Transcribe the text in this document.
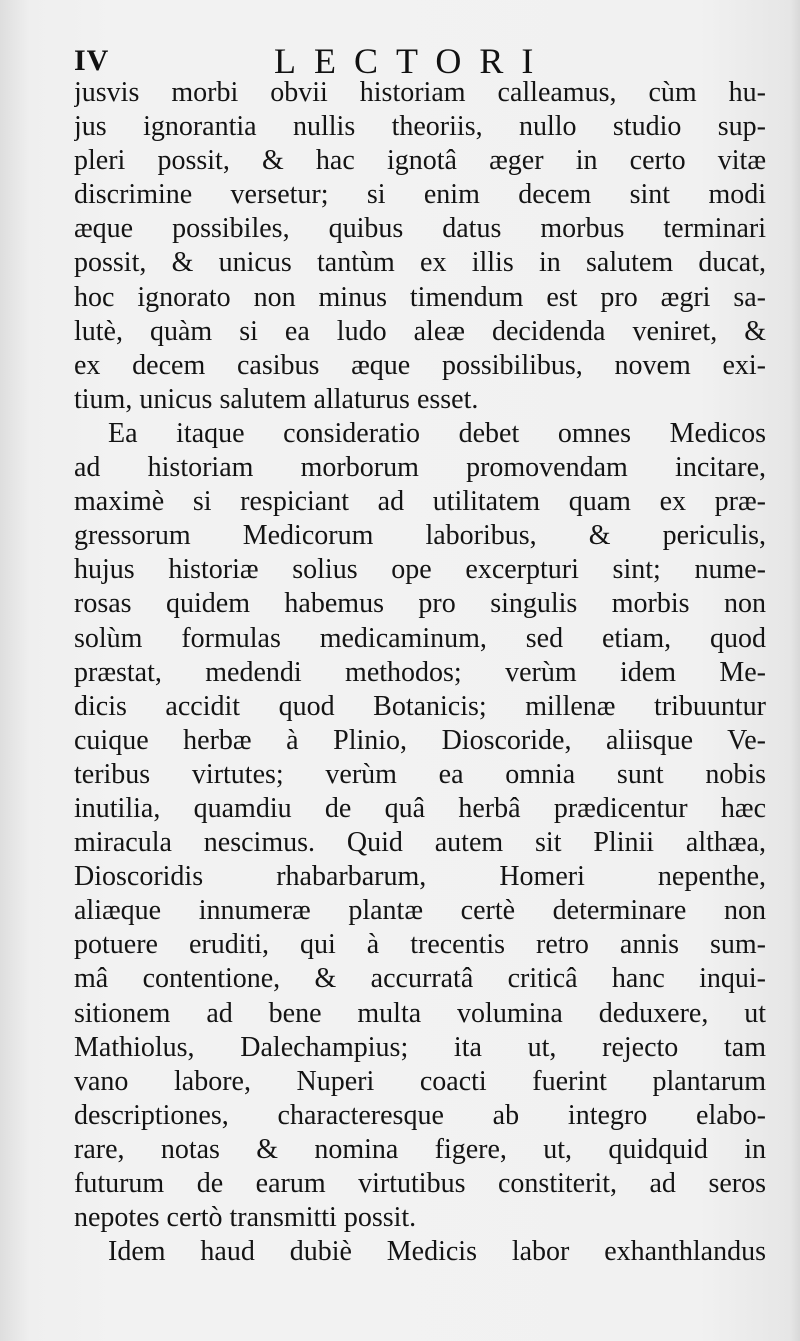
IV	LECTORI
jusvis morbi obvii historiam calleamus, cùm hu-
jus ignorantia nullis theoriis, nullo studio sup-
pleri possit, & hac ignotâ æger in certo vitæ
discrimine versetur; si enim decem sint modi
æque possibiles, quibus datus morbus terminari
possit, & unicus tantùm ex illis in salutem ducat,
hoc ignorato non minus timendum est pro ægri sa-
lutè, quàm si ea ludo aleæ decidenda veniret, &
ex decem casibus æque possibilibus, novem exi-
tium, unicus salutem allaturus esset.
Ea itaque consideratio debet omnes Medicos
ad historiam morborum promovendam incitare,
maximè si respiciant ad utilitatem quam ex præ-
gressorum Medicorum laboribus, & periculis,
hujus historiæ solius ope excerpturi sint; nume-
rosas quidem habemus pro singulis morbis non
solùm formulas medicaminum, sed etiam, quod
præstat, medendi methodos; verùm idem Me-
dicis accidit quod Botanicis; millenæ tribuuntur
cuique herbæ à Plinio, Dioscoride, aliisque Ve-
teribus virtutes; verùm ea omnia sunt nobis
inutilia, quamdiu de quâ herbâ prædicentur hæc
miracula nescimus. Quid autem sit Plinii althæa,
Dioscoridis rhabarbarum, Homeri nepenthe,
aliæque innumeræ plantæ certè determinare non
potuere eruditi, qui à trecentis retro annis sum-
mâ contentione, & accurratâ criticâ hanc inqui-
sitionem ad bene multa volumina deduxere, ut
Mathiolus, Dalechampius; ita ut, rejecto tam
vano labore, Nuperi coacti fuerint plantarum
descriptiones, characteresque ab integro elabo-
rare, notas & nomina figere, ut, quidquid in
futurum de earum virtutibus constiterit, ad seros
nepotes certò transmitti possit.
Idem haud dubiè Medicis labor exhanthlandus
